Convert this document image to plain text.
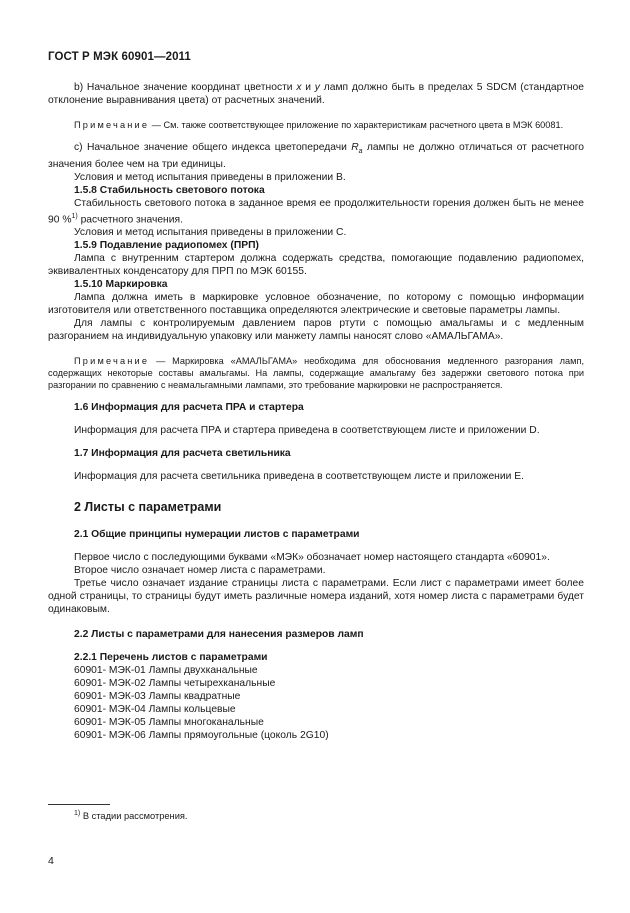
ГОСТ Р МЭК 60901—2011

b) Начальное значение координат цветности x и y ламп должно быть в пределах 5 SDCM (стандартное отклонение выравнивания цвета) от расчетных значений.

Примечание — См. также соответствующее приложение по характеристикам расчетного цвета в МЭК 60081.

c) Начальное значение общего индекса цветопередачи $R_a$ лампы не должно отличаться от расчетного значения более чем на три единицы.

Условия и метод испытания приведены в приложении B.

1.5.8 Стабильность светового потока

Стабильность светового потока в заданное время ее продолжительности горения должен быть не менее 90 %$^{1)}$ расчетного значения.

Условия и метод испытания приведены в приложении C.

1.5.9 Подавление радиопомех (ПРП)

Лампа с внутренним стартером должна содержать средства, помогающие подавлению радиопомех, эквивалентных конденсатору для ПРП по МЭК 60155.

1.5.10 Маркировка

Лампа должна иметь в маркировке условное обозначение, по которому с помощью информации изготовителя или ответственного поставщика определяются электрические и световые параметры лампы.

Для лампы с контролируемым давлением паров ртути с помощью амальгамы и с медленным разгоранием на индивидуальную упаковку или манжету лампы наносят слово «АМАЛЬГАМА».

Примечание — Маркировка «АМАЛЬГАМА» необходима для обоснования медленного разгорания ламп, содержащих некоторые составы амальгамы. На лампы, содержащие амальгаму без задержки светового потока при разгорании по сравнению с неамальгамными лампами, это требование маркировки не распространяется.

1.6 Информация для расчета ПРА и стартера

Информация для расчета ПРА и стартера приведена в соответствующем листе и приложении D.

1.7 Информация для расчета светильника

Информация для расчета светильника приведена в соответствующем листе и приложении E.

2 Листы с параметрами

2.1 Общие принципы нумерации листов с параметрами

Первое число с последующими буквами «МЭК» обозначает номер настоящего стандарта «60901».

Второе число означает номер листа с параметрами.

Третье число означает издание страницы листа с параметрами. Если лист с параметрами имеет более одной страницы, то страницы будут иметь различные номера изданий, хотя номер листа с параметрами будет одинаковым.

2.2 Листы с параметрами для нанесения размеров ламп

2.2.1 Перечень листов с параметрами

60901- МЭК-01 Лампы двухканальные

60901- МЭК-02 Лампы четырехканальные

60901- МЭК-03 Лампы квадратные

60901- МЭК-04 Лампы кольцевые

60901- МЭК-05 Лампы многоканальные

60901- МЭК-06 Лампы прямоугольные (цоколь 2G10)

$^{1)}$ В стадии рассмотрения.
4
